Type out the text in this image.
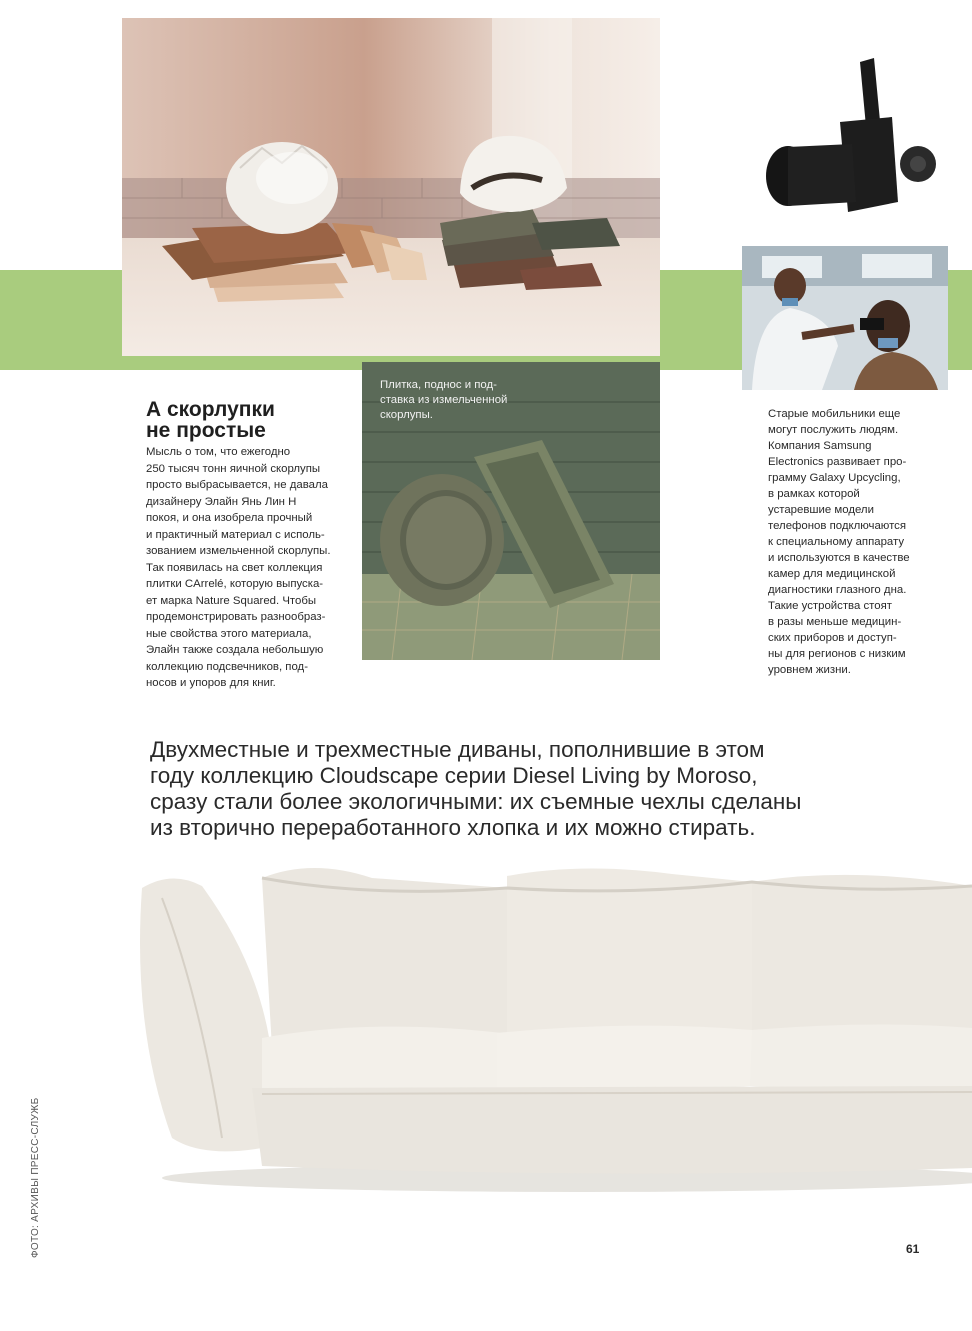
А скорлупки
не простые
Мысль о том, что ежегодно
250 тысяч тонн яичной скорлупы
просто выбрасывается, не давала
дизайнеру Элайн Янь Лин Н
покоя, и она изобрела прочный
и практичный материал с исполь-
зованием измельченной скорлупы.
Так появилась на свет коллекция
плитки CArrelé, которую выпуска-
ет марка Nature Squared. Чтобы
продемонстрировать разнообраз-
ные свойства этого материала,
Элайн также создала небольшую
коллекцию подсвечников, под-
носов и упоров для книг.
Плитка, поднос и под-
ставка из измельченной
скорлупы.	Старые мобильники еще
могут послужить людям.
Компания Samsung
Electronics развивает про-
грамму Galaxy Upcycling,
в рамках которой
устаревшие модели
телефонов подключаются
к специальному аппарату
и используются в качестве
камер для медицинской
диагностики глазного дна.
Такие устройства стоят
в разы меньше медицин-
ских приборов и доступ-
ны для регионов с низким
уровнем жизни.
Двухместные и трехместные диваны, пополнившие в этом
году коллекцию Cloudscape серии Diesel Living by Moroso,
сразу стали более экологичными: их съемные чехлы сделаны
из вторично переработанного хлопка и их можно стирать.
ФОТО: АРХИВЫ ПРЕСС-СЛУЖБ	61
